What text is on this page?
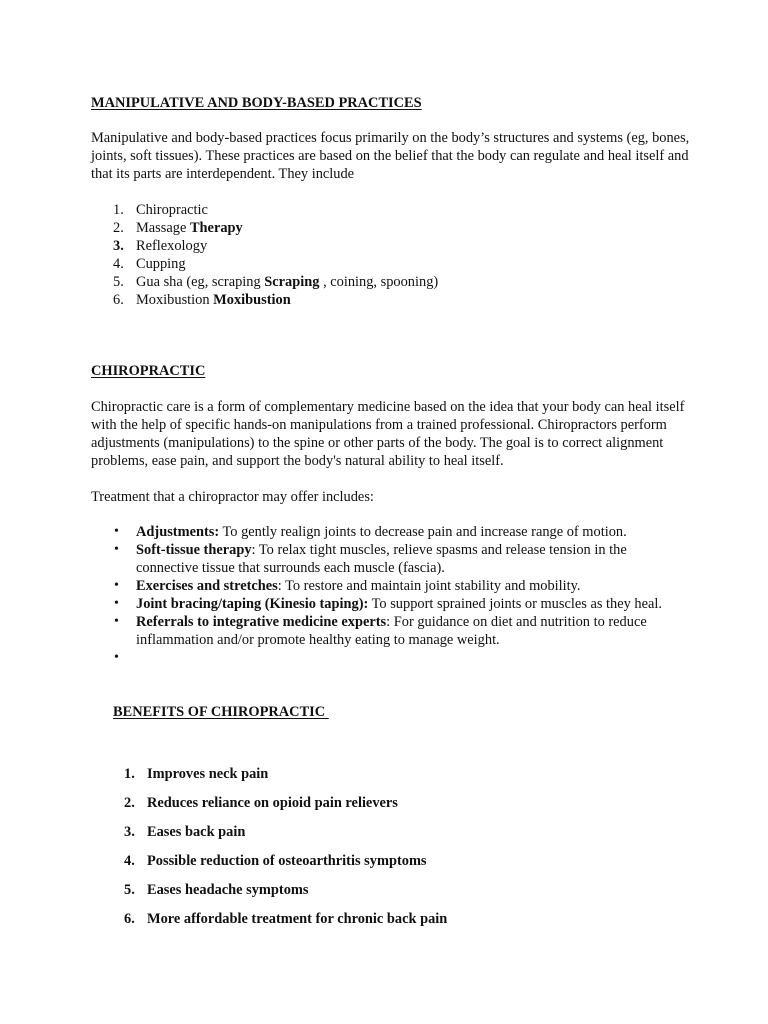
MANIPULATIVE AND BODY-BASED PRACTICES
Manipulative and body-based practices focus primarily on the body’s structures and systems (eg, bones, joints, soft tissues). These practices are based on the belief that the body can regulate and heal itself and that its parts are interdependent. They include
1. Chiropractic
2. Massage Therapy
3. Reflexology
4. Cupping
5. Gua sha (eg, scraping Scraping , coining, spooning)
6. Moxibustion Moxibustion
CHIROPRACTIC
Chiropractic care is a form of complementary medicine based on the idea that your body can heal itself with the help of specific hands-on manipulations from a trained professional. Chiropractors perform adjustments (manipulations) to the spine or other parts of the body. The goal is to correct alignment problems, ease pain, and support the body's natural ability to heal itself.
Treatment that a chiropractor may offer includes:
• Adjustments: To gently realign joints to decrease pain and increase range of motion.
• Soft-tissue therapy: To relax tight muscles, relieve spasms and release tension in the connective tissue that surrounds each muscle (fascia).
• Exercises and stretches: To restore and maintain joint stability and mobility.
• Joint bracing/taping (Kinesio taping): To support sprained joints or muscles as they heal.
• Referrals to integrative medicine experts: For guidance on diet and nutrition to reduce inflammation and/or promote healthy eating to manage weight.
•
BENEFITS OF CHIROPRACTIC
1. Improves neck pain
2. Reduces reliance on opioid pain relievers
3. Eases back pain
4. Possible reduction of osteoarthritis symptoms
5. Eases headache symptoms
6. More affordable treatment for chronic back pain
